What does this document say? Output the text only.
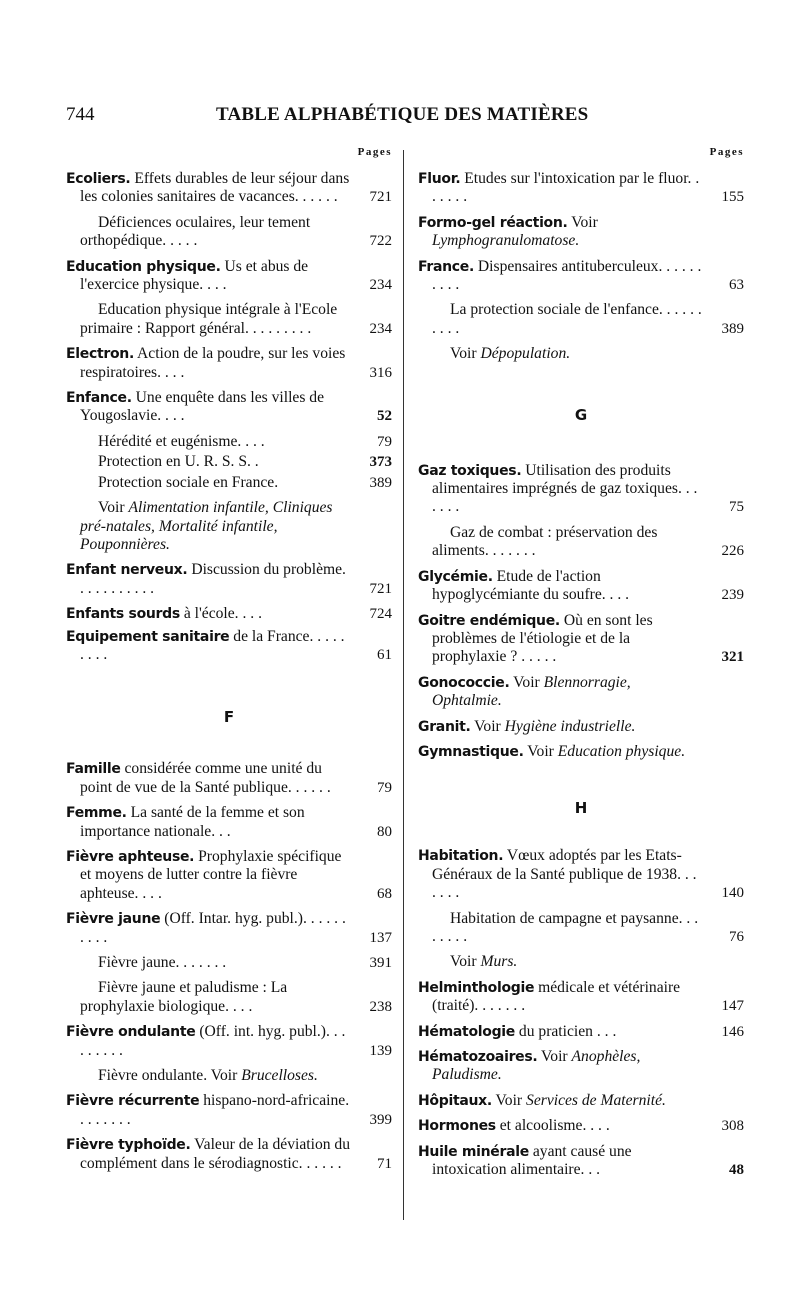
744	TABLE ALPHABÉTIQUE DES MATIÈRES
Pages
Ecoliers. Effets durables de leur séjour dans les colonies sanitaires de vacances. . . . . . 721
Déficiences oculaires, leur tement orthopédique. . . . .	722
Education physique. Us et abus de l'exercice physique. . . .	234
Education physique intégrale à l'Ecole primaire : Rapport général. . . . . . . . .	234
Electron. Action de la poudre, sur les voies respiratoires. . . .	316
Enfance. Une enquête dans les villes de Yougoslavie. . . .	52
Hérédité et eugénisme. . . .	79
Protection en U. R. S. S. .	373
Protection sociale en France.	389
Voir Alimentation infantile, Cliniques pré-natales, Mortalité infantile, Pouponnières.
Enfant nerveux. Discussion du problème. . . . . . . . . . .	721
Enfants sourds à l'école. . . .	724
Equipement sanitaire de la France. . . . . . . . .	61
F
Famille considérée comme une unité du point de vue de la Santé publique. . . . . .	79
Femme. La santé de la femme et son importance nationale. . .	80
Fièvre aphteuse. Prophylaxie spécifique et moyens de lutter contre la fièvre aphteuse. . . .	68
Fièvre jaune (Off. Intar. hyg. publ.). . . . . . . . . .	137
Fièvre jaune. . . . . . .	391
Fièvre jaune et paludisme : La prophylaxie biologique. . . .	238
Fièvre ondulante (Off. int. hyg. publ.). . . . . . . . .	139
Fièvre ondulante. Voir Brucelloses.
Fièvre récurrente hispano-nord-africaine. . . . . . . .	399
Fièvre typhoïde. Valeur de la déviation du complément dans le sérodiagnostic. . . . . . 71
Pages
Fluor. Etudes sur l'intoxication par le fluor. . . . . . .	155
Formo-gel réaction. Voir Lymphogranulomatose.
France. Dispensaires antituberculeux. . . . . . . . . .	63
La protection sociale de l'enfance. . . . . . . . . .	389
Voir Dépopulation.
G
Gaz toxiques. Utilisation des produits alimentaires imprégnés de gaz toxiques. . . . . . .	75
Gaz de combat : préservation des aliments. . . . . . .	226
Glycémie. Etude de l'action hypoglycémiante du soufre. . . .	239
Goitre endémique. Où en sont les problèmes de l'étiologie et de la prophylaxie ? . . . . .	321
Gonococcie. Voir Blennorragie, Ophtalmie.
Granit. Voir Hygiène industrielle.
Gymnastique. Voir Education physique.
H
Habitation. Vœux adoptés par les Etats-Généraux de la Santé publique de 1938. . . . . . .	140
Habitation de campagne et paysanne. . . . . . . .	76
Voir Murs.
Helminthologie médicale et vétérinaire (traité). . . . . . .	147
Hématologie du praticien . . .	146
Hématozoaires. Voir Anophèles, Paludisme.
Hôpitaux. Voir Services de Maternité.
Hormones et alcoolisme. . . .	308
Huile minérale ayant causé une intoxication alimentaire. . .	48
